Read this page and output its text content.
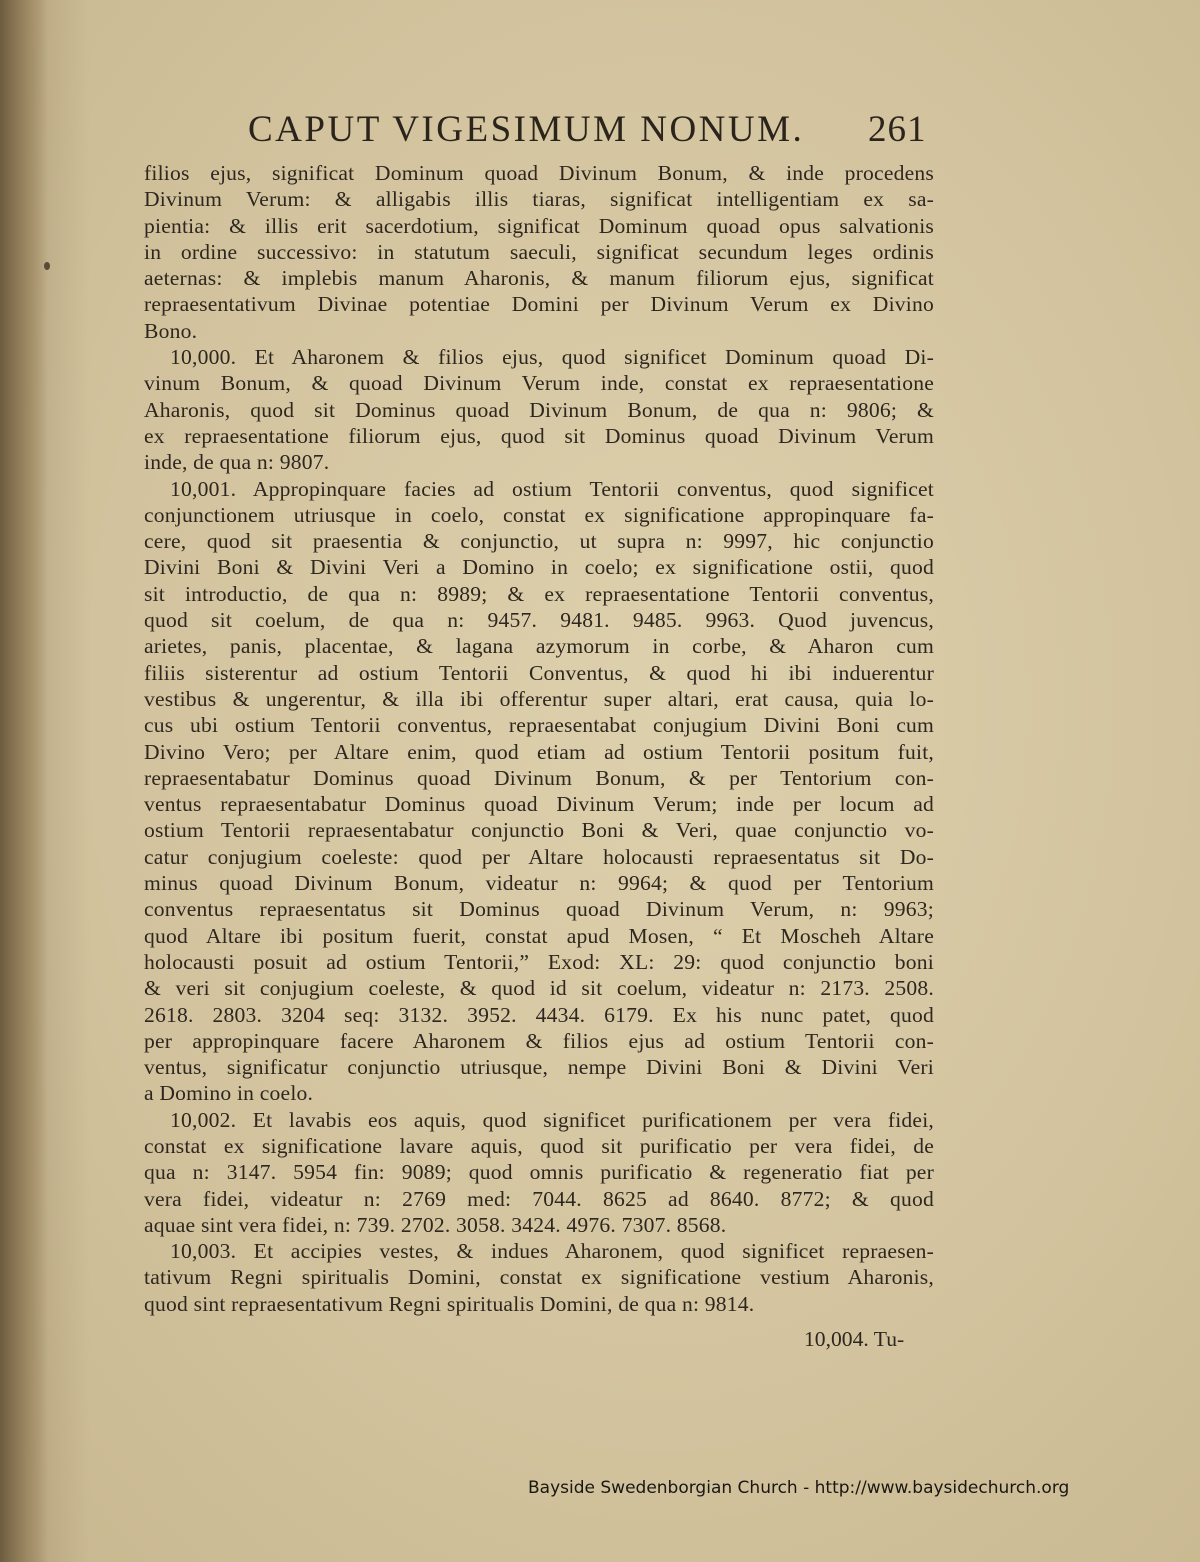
CAPUT VIGESIMUM NONUM. 261
filios ejus, significat Dominum quoad Divinum Bonum, & inde procedens
Divinum Verum: & alligabis illis tiaras, significat intelligentiam ex sa-
pientia: & illis erit sacerdotium, significat Dominum quoad opus salvationis
in ordine successivo: in statutum saeculi, significat secundum leges ordinis
aeternas: & implebis manum Aharonis, & manum filiorum ejus, significat
repraesentativum Divinae potentiae Domini per Divinum Verum ex Divino
Bono.
10,000. Et Aharonem & filios ejus, quod significet Dominum quoad Di-
vinum Bonum, & quoad Divinum Verum inde, constat ex repraesentatione
Aharonis, quod sit Dominus quoad Divinum Bonum, de qua n: 9806; &
ex repraesentatione filiorum ejus, quod sit Dominus quoad Divinum Verum
inde, de qua n: 9807.
10,001. Appropinquare facies ad ostium Tentorii conventus, quod significet
conjunctionem utriusque in coelo, constat ex significatione appropinquare fa-
cere, quod sit praesentia & conjunctio, ut supra n: 9997, hic conjunctio
Divini Boni & Divini Veri a Domino in coelo; ex significatione ostii, quod
sit introductio, de qua n: 8989; & ex repraesentatione Tentorii conventus,
quod sit coelum, de qua n: 9457. 9481. 9485. 9963. Quod juvencus,
arietes, panis, placentae, & lagana azymorum in corbe, & Aharon cum
filiis sisterentur ad ostium Tentorii Conventus, & quod hi ibi induerentur
vestibus & ungerentur, & illa ibi offerentur super altari, erat causa, quia lo-
cus ubi ostium Tentorii conventus, repraesentabat conjugium Divini Boni cum
Divino Vero; per Altare enim, quod etiam ad ostium Tentorii positum fuit,
repraesentabatur Dominus quoad Divinum Bonum, & per Tentorium con-
ventus repraesentabatur Dominus quoad Divinum Verum; inde per locum ad
ostium Tentorii repraesentabatur conjunctio Boni & Veri, quae conjunctio vo-
catur conjugium coeleste: quod per Altare holocausti repraesentatus sit Do-
minus quoad Divinum Bonum, videatur n: 9964; & quod per Tentorium
conventus repraesentatus sit Dominus quoad Divinum Verum, n: 9963;
quod Altare ibi positum fuerit, constat apud Mosen, “ Et Moscheh Altare
holocausti posuit ad ostium Tentorii,” Exod: XL: 29: quod conjunctio boni
& veri sit conjugium coeleste, & quod id sit coelum, videatur n: 2173. 2508.
2618. 2803. 3204 seq: 3132. 3952. 4434. 6179. Ex his nunc patet, quod
per appropinquare facere Aharonem & filios ejus ad ostium Tentorii con-
ventus, significatur conjunctio utriusque, nempe Divini Boni & Divini Veri
a Domino in coelo.
10,002. Et lavabis eos aquis, quod significet purificationem per vera fidei,
constat ex significatione lavare aquis, quod sit purificatio per vera fidei, de
qua n: 3147. 5954 fin: 9089; quod omnis purificatio & regeneratio fiat per
vera fidei, videatur n: 2769 med: 7044. 8625 ad 8640. 8772; & quod
aquae sint vera fidei, n: 739. 2702. 3058. 3424. 4976. 7307. 8568.
10,003. Et accipies vestes, & indues Aharonem, quod significet repraesen-
tativum Regni spiritualis Domini, constat ex significatione vestium Aharonis,
quod sint repraesentativum Regni spiritualis Domini, de qua n: 9814.
10,004. Tu-
Bayside Swedenborgian Church - http://www.baysidechurch.org
